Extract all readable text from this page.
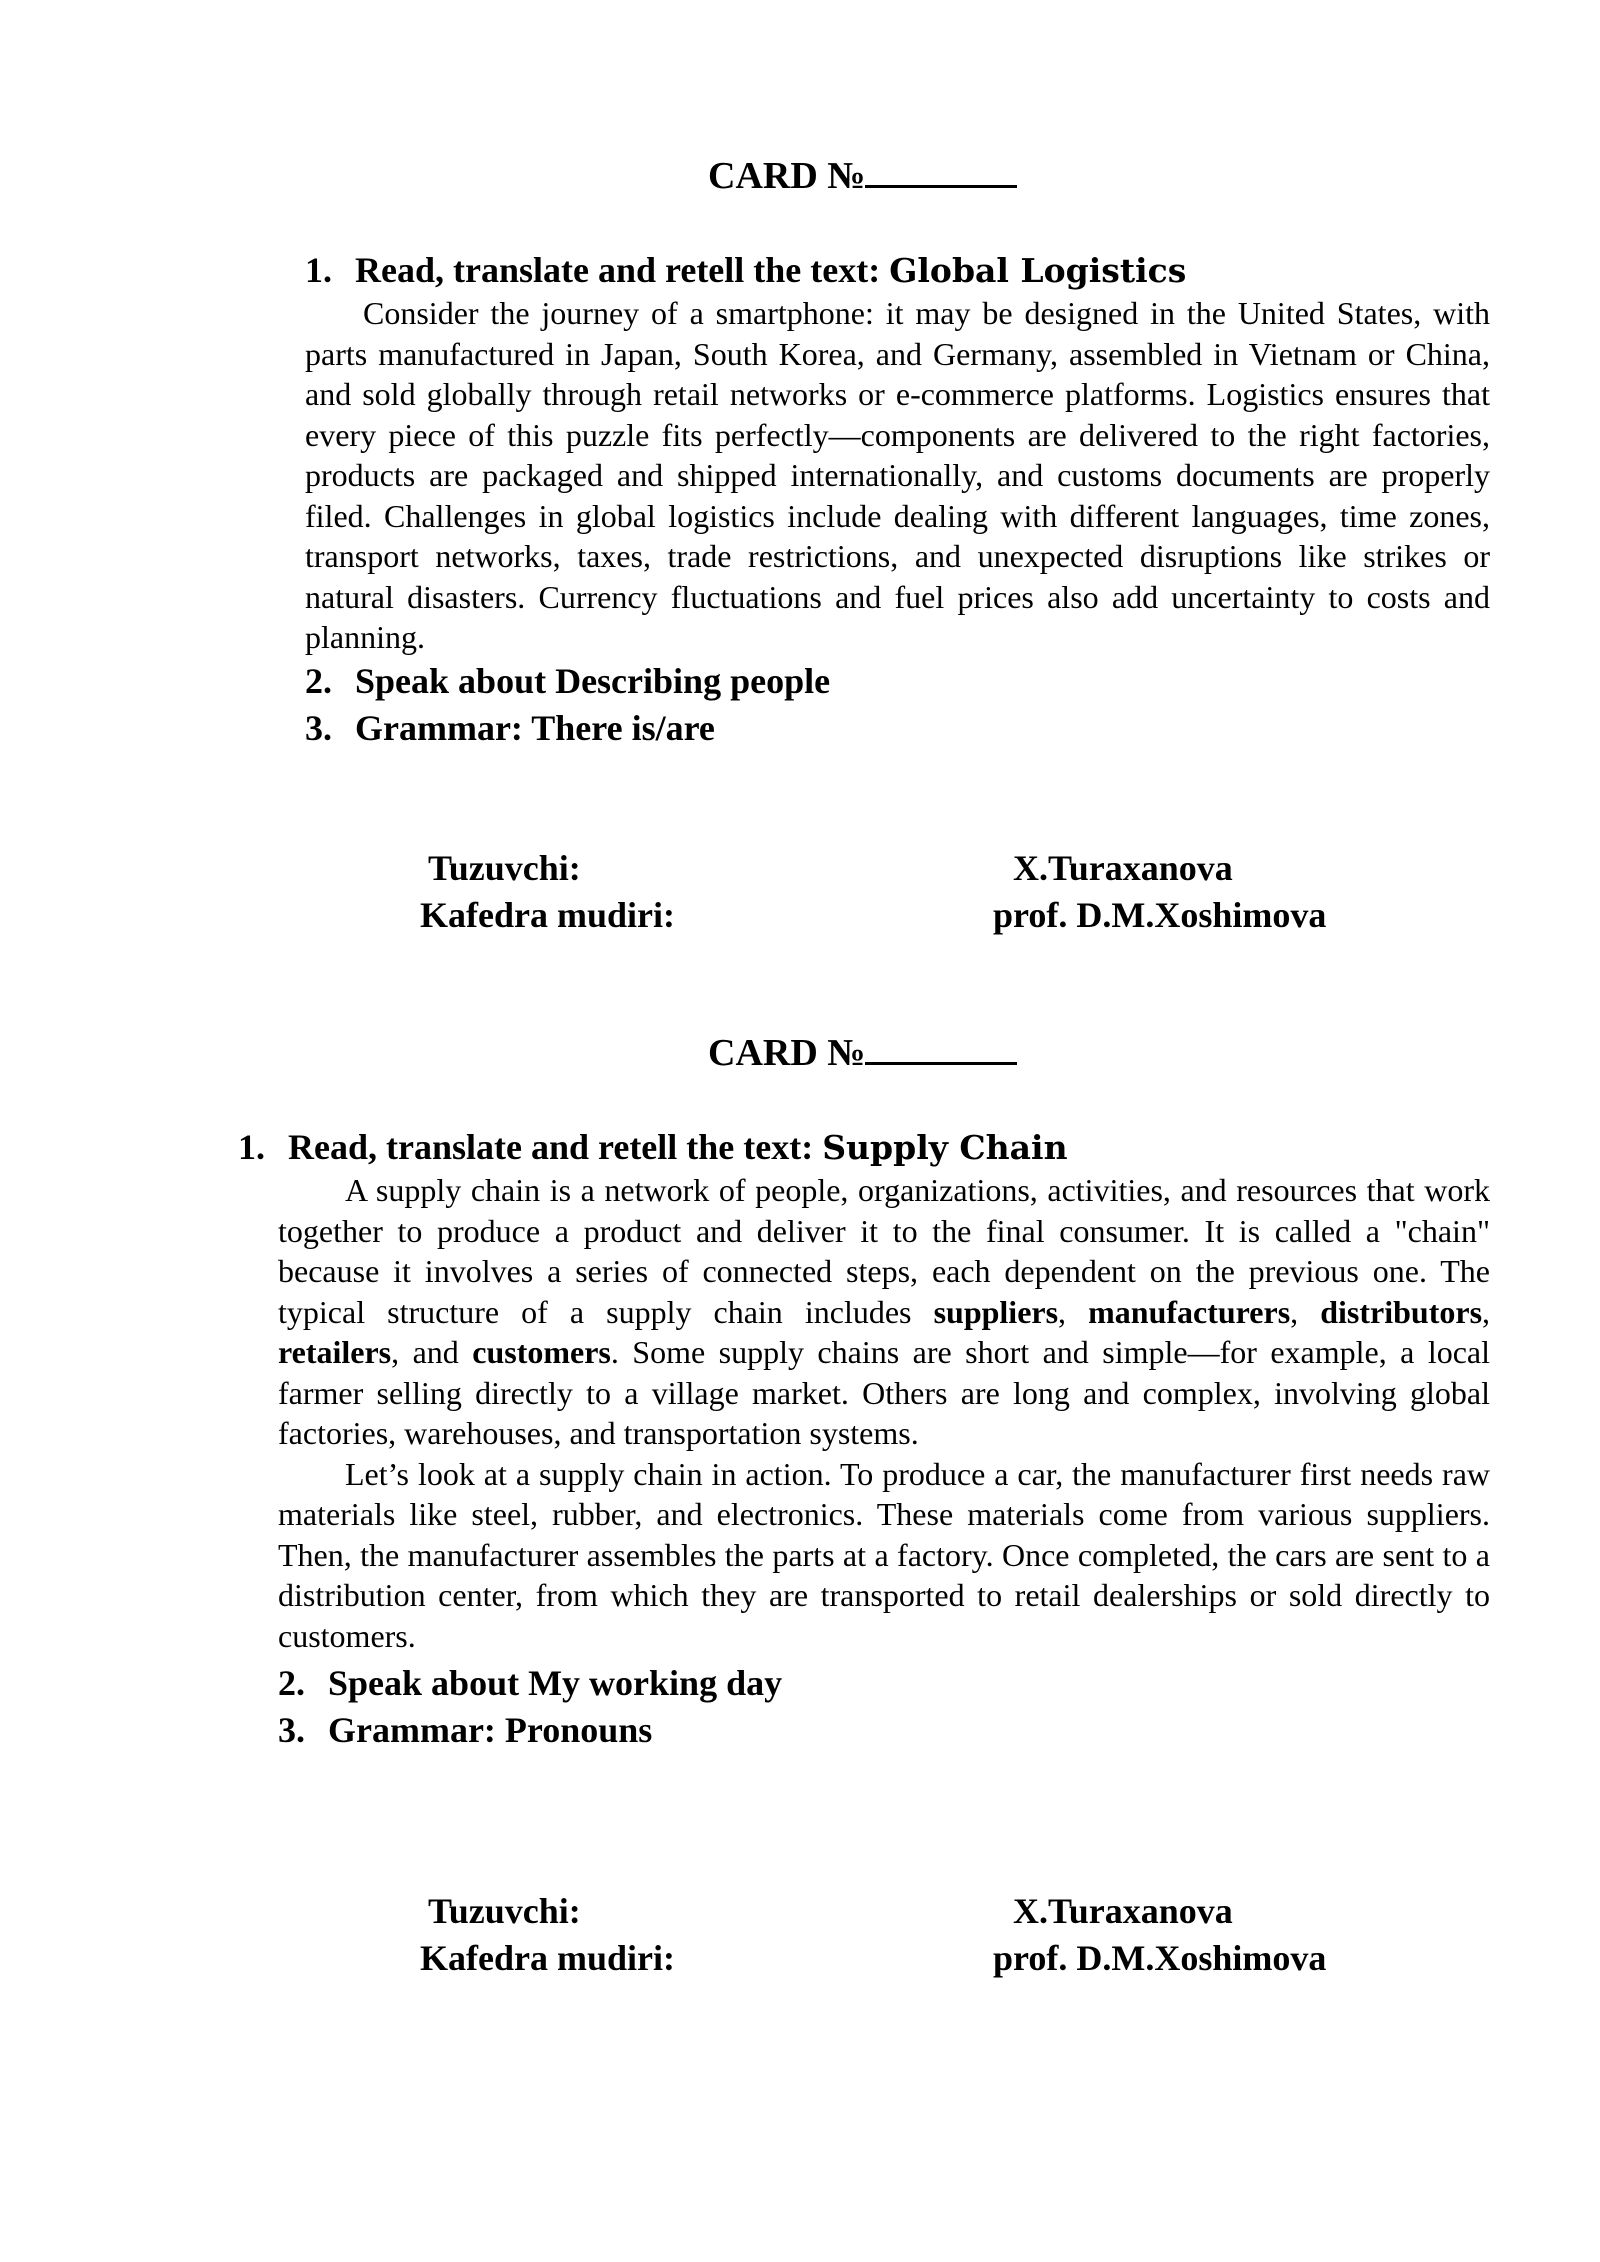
CARD №
1. Read, translate and retell the text: Global Logistics

Consider the journey of a smartphone: it may be designed in the United States, with parts manufactured in Japan, South Korea, and Germany, assembled in Vietnam or China, and sold globally through retail networks or e-commerce platforms. Logistics ensures that every piece of this puzzle fits perfectly—components are delivered to the right factories, products are packaged and shipped internationally, and customs documents are properly filed. Challenges in global logistics include dealing with different languages, time zones, transport networks, taxes, trade restrictions, and unexpected disruptions like strikes or natural disasters. Currency fluctuations and fuel prices also add uncertainty to costs and planning.

2. Speak about Describing people
3. Grammar: There is/are
Tuzuvchi:	X.Turaxanova
Kafedra mudiri:	prof. D.M.Xoshimova
CARD №
1. Read, translate and retell the text: Supply Chain

A supply chain is a network of people, organizations, activities, and resources that work together to produce a product and deliver it to the final consumer. It is called a "chain" because it involves a series of connected steps, each dependent on the previous one. The typical structure of a supply chain includes suppliers, manufacturers, distributors, retailers, and customers. Some supply chains are short and simple—for example, a local farmer selling directly to a village market. Others are long and complex, involving global factories, warehouses, and transportation systems.

Let’s look at a supply chain in action. To produce a car, the manufacturer first needs raw materials like steel, rubber, and electronics. These materials come from various suppliers. Then, the manufacturer assembles the parts at a factory. Once completed, the cars are sent to a distribution center, from which they are transported to retail dealerships or sold directly to customers.

2. Speak about My working day
3. Grammar: Pronouns
Tuzuvchi:	X.Turaxanova
Kafedra mudiri:	prof. D.M.Xoshimova
